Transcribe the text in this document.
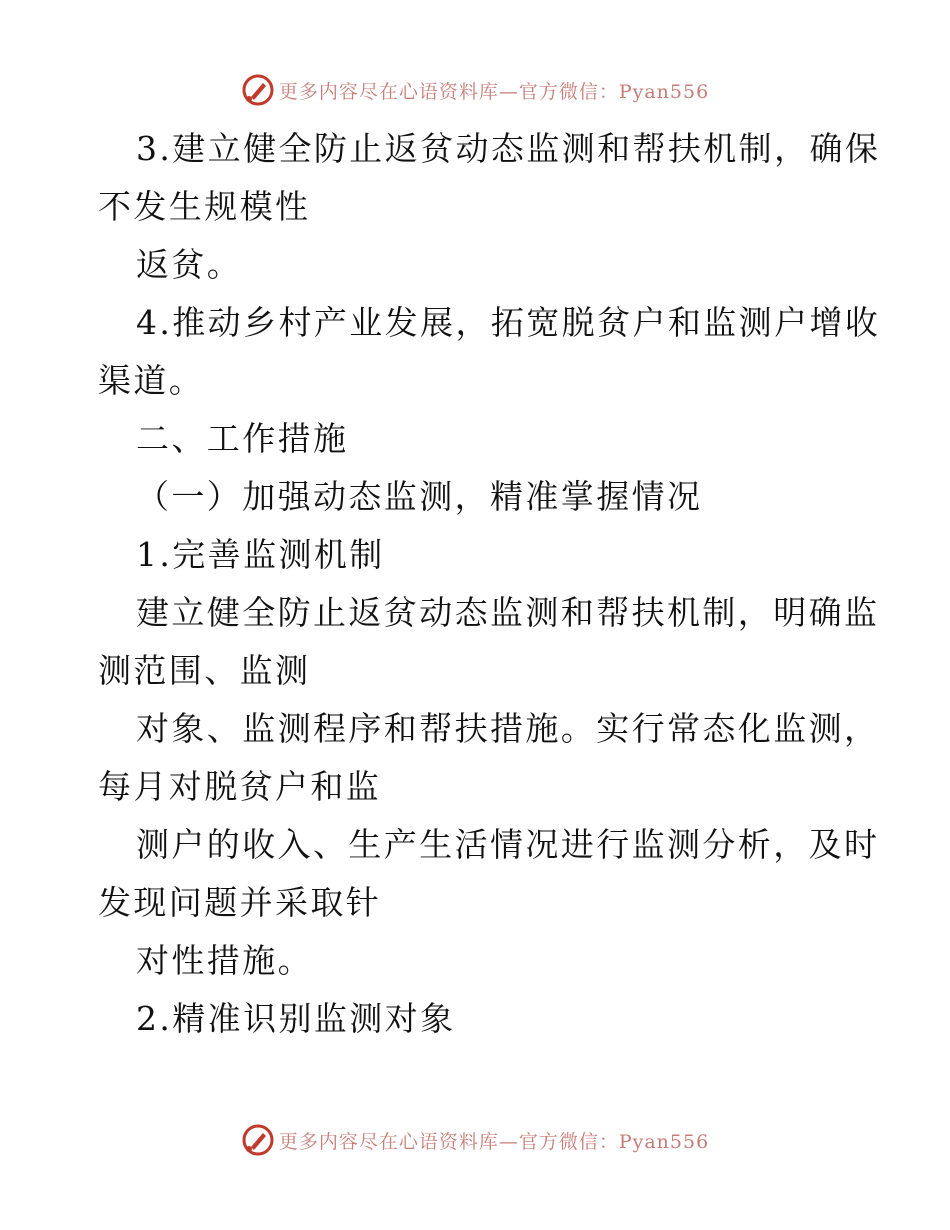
更多内容尽在心语资料库—官方微信：Pyan556

3.建立健全防止返贫动态监测和帮扶机制，确保

不发生规模性

返贫。

4.推动乡村产业发展，拓宽脱贫户和监测户增收

渠道。

二、工作措施

（一）加强动态监测，精准掌握情况

1.完善监测机制

建立健全防止返贫动态监测和帮扶机制，明确监

测范围、监测

对象、监测程序和帮扶措施。实行常态化监测，

每月对脱贫户和监

测户的收入、生产生活情况进行监测分析，及时

发现问题并采取针

对性措施。

2.精准识别监测对象

更多内容尽在心语资料库—官方微信：Pyan556
